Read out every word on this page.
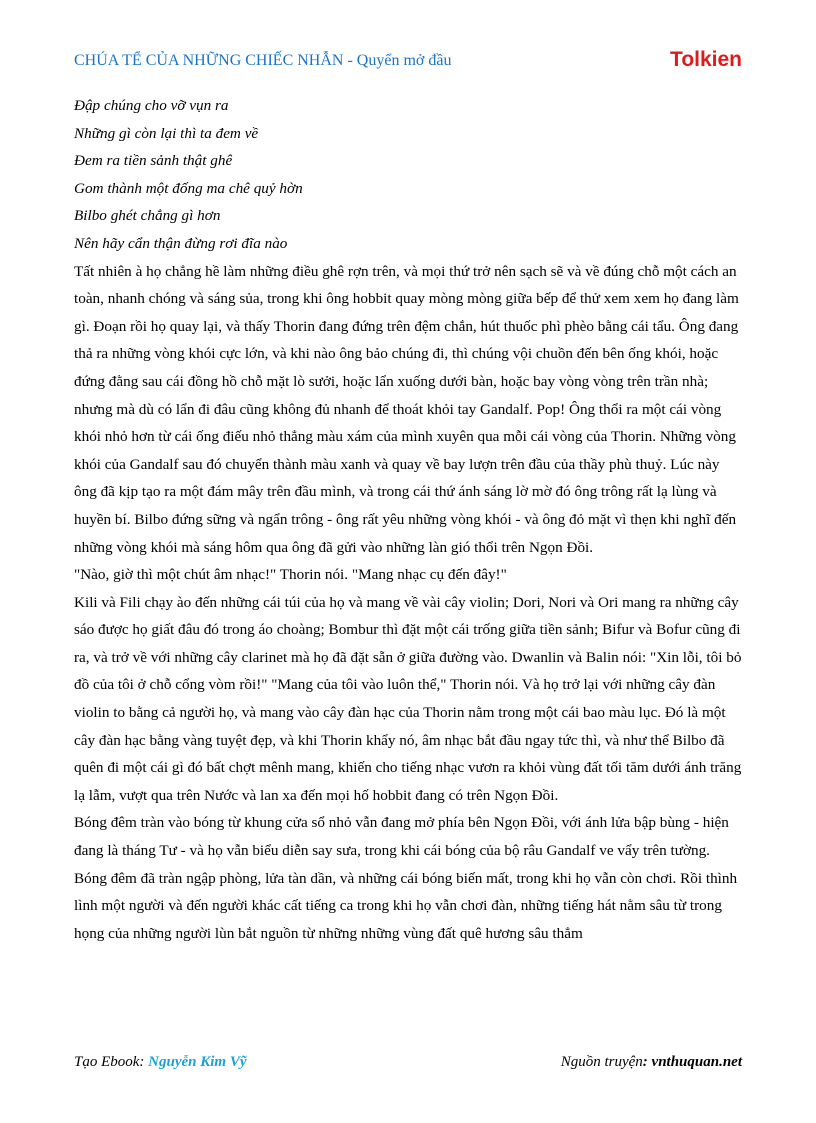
CHÚA TỂ CỦA NHỮNG CHIẾC NHẪN - Quyển mở đầu	Tolkien
Đập chúng cho vỡ vụn ra
Những gì còn lại thì ta đem về
Đem ra tiền sảnh thật ghê
Gom thành một đống ma chê quỷ hờn
Bilbo ghét chẳng gì hơn
Nên hãy cẩn thận đừng rơi đĩa nào

Tất nhiên à họ chẳng hề làm những điều ghê rợn trên, và mọi thứ trở nên sạch sẽ và về đúng chỗ một cách an toàn, nhanh chóng và sáng sủa, trong khi ông hobbit quay mòng mòng giữa bếp để thử xem xem họ đang làm gì. Đoạn rồi họ quay lại, và thấy Thorin đang đứng trên đệm chắn, hút thuốc phì phèo bằng cái tẩu. Ông đang thả ra những vòng khói cực lớn, và khi nào ông bảo chúng đi, thì chúng vội chuồn đến bên ống khói, hoặc đứng đằng sau cái đồng hồ chỗ mặt lò sưởi, hoặc lẩn xuống dưới bàn, hoặc bay vòng vòng trên trần nhà; nhưng mà dù có lẩn đi đâu cũng không đủ nhanh để thoát khỏi tay Gandalf. Pop! Ông thổi ra một cái vòng khói nhỏ hơn từ cái ống điếu nhỏ thẳng màu xám của mình xuyên qua mỗi cái vòng của Thorin. Những vòng khói của Gandalf sau đó chuyển thành màu xanh và quay về bay lượn trên đầu của thầy phù thuỷ. Lúc này ông đã kịp tạo ra một đám mây trên đầu mình, và trong cái thứ ánh sáng lờ mờ đó ông trông rất lạ lùng và huyền bí. Bilbo đứng sững và ngẩn trông - ông rất yêu những vòng khói - và ông đỏ mặt vì thẹn khi nghĩ đến những vòng khói mà sáng hôm qua ông đã gửi vào những làn gió thổi trên Ngọn Đồi.

"Nào, giờ thì một chút âm nhạc!" Thorin nói. "Mang nhạc cụ đến đây!"

Kili và Fili chạy ào đến những cái túi của họ và mang về vài cây violin; Dori, Nori và Ori mang ra những cây sáo được họ giất đâu đó trong áo choàng; Bombur thì đặt một cái trống giữa tiền sảnh; Bifur và Bofur cũng đi ra, và trở về với những cây clarinet mà họ đã đặt sẵn ở giữa đường vào. Dwanlin và Balin nói: "Xin lỗi, tôi bỏ đồ của tôi ở chỗ cổng vòm rồi!" "Mang của tôi vào luôn thể," Thorin nói. Và họ trở lại với những cây đàn violin to bằng cả người họ, và mang vào cây đàn hạc của Thorin nằm trong một cái bao màu lục. Đó là một cây đàn hạc bằng vàng tuyệt đẹp, và khi Thorin khẩy nó, âm nhạc bắt đầu ngay tức thì, và như thể Bilbo đã quên đi một cái gì đó bất chợt mênh mang, khiến cho tiếng nhạc vươn ra khỏi vùng đất tối tăm dưới ánh trăng lạ lẫm, vượt qua trên Nước và lan xa đến mọi hố hobbit đang có trên Ngọn Đồi.

Bóng đêm tràn vào bóng từ khung cửa sổ nhỏ vẫn đang mở phía bên Ngọn Đồi, với ánh lửa bập bùng - hiện đang là tháng Tư - và họ vẫn biểu diễn say sưa, trong khi cái bóng của bộ râu Gandalf ve vẩy trên tường.

Bóng đêm đã tràn ngập phòng, lửa tàn dần, và những cái bóng biến mất, trong khi họ vẫn còn chơi. Rồi thình lình một người và đến người khác cất tiếng ca trong khi họ vẫn chơi đàn, những tiếng hát nằm sâu từ trong họng của những người lùn bắt nguồn từ những những vùng đất quê hương sâu thẳm

Tạo Ebook: Nguyễn Kim Vỹ	Nguồn truyện: vnthuquan.net
